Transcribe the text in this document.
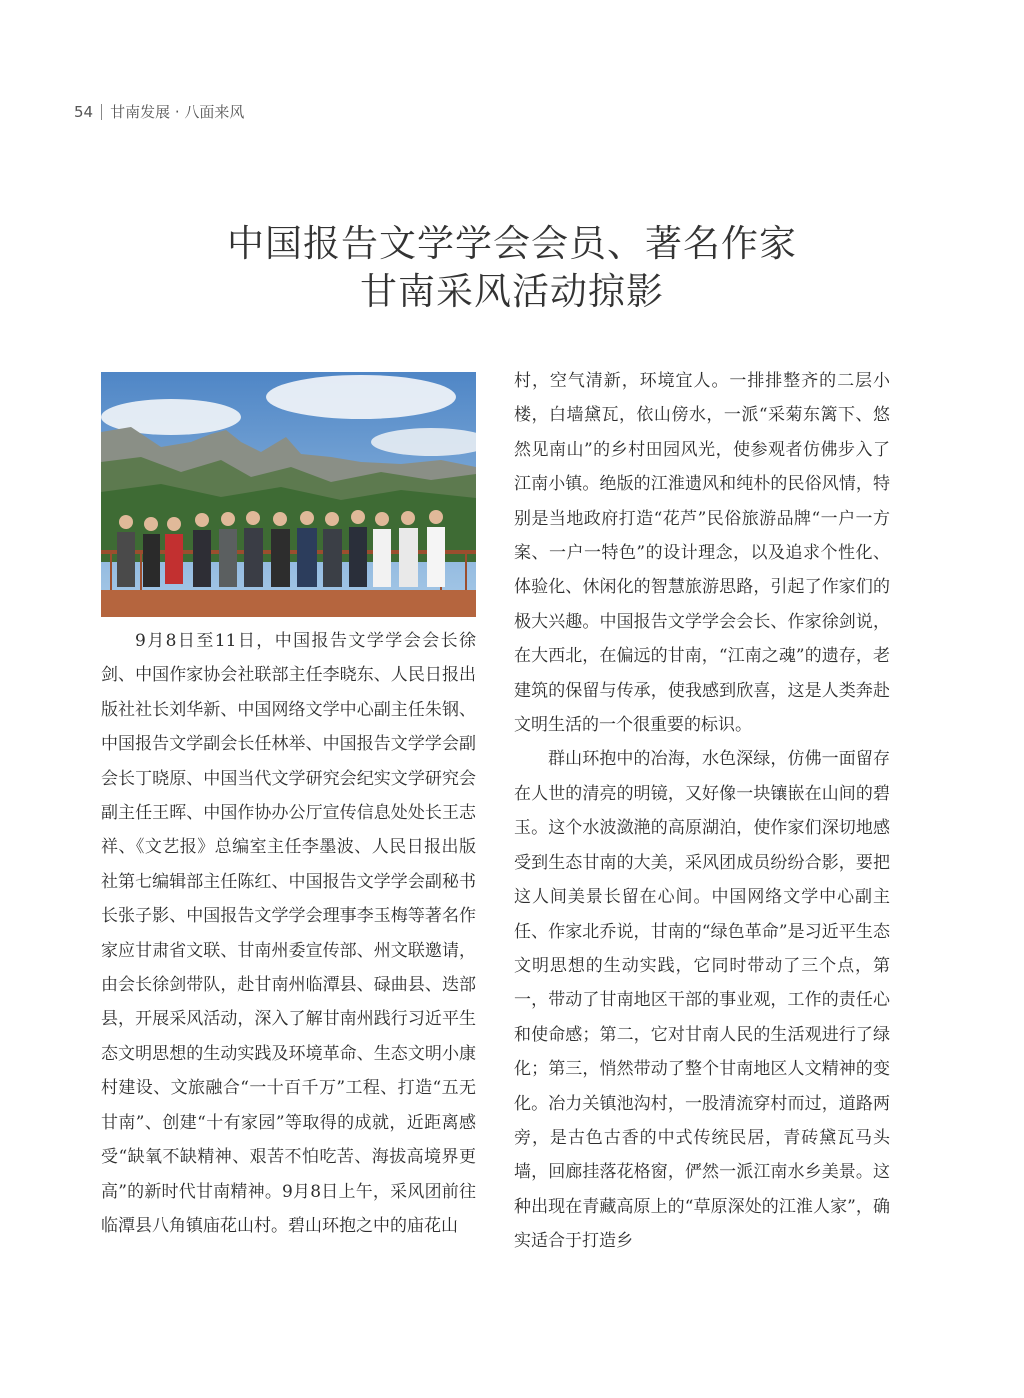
54 甘南发展 · 八面来风
中国报告文学学会会员、著名作家
甘南采风活动掠影

9月8日至11日，中国报告文学学会会长徐剑、中国作家协会社联部主任李晓东、人民日报出版社社长刘华新、中国网络文学中心副主任朱钢、中国报告文学副会长任林举、中国报告文学学会副会长丁晓原、中国当代文学研究会纪实文学研究会副主任王晖、中国作协办公厅宣传信息处处长王志祥、《文艺报》总编室主任李墨波、人民日报出版社第七编辑部主任陈红、中国报告文学学会副秘书长张子影、中国报告文学学会理事李玉梅等著名作家应甘肃省文联、甘南州委宣传部、州文联邀请，由会长徐剑带队，赴甘南州临潭县、碌曲县、迭部县，开展采风活动，深入了解甘南州践行习近平生态文明思想的生动实践及环境革命、生态文明小康村建设、文旅融合“一十百千万”工程、打造“五无甘南”、创建“十有家园”等取得的成就，近距离感受“缺氧不缺精神、艰苦不怕吃苦、海拔高境界更高”的新时代甘南精神。9月8日上午，采风团前往临潭县八角镇庙花山村。碧山环抱之中的庙花山

村，空气清新，环境宜人。一排排整齐的二层小楼，白墙黛瓦，依山傍水，一派“采菊东篱下、悠然见南山”的乡村田园风光，使参观者仿佛步入了江南小镇。绝版的江淮遗风和纯朴的民俗风情，特别是当地政府打造“花芦”民俗旅游品牌“一户一方案、一户一特色”的设计理念，以及追求个性化、体验化、休闲化的智慧旅游思路，引起了作家们的极大兴趣。中国报告文学学会会长、作家徐剑说，在大西北，在偏远的甘南，“江南之魂”的遗存，老建筑的保留与传承，使我感到欣喜，这是人类奔赴文明生活的一个很重要的标识。

群山环抱中的冶海，水色深绿，仿佛一面留存在人世的清亮的明镜，又好像一块镶嵌在山间的碧玉。这个水波潋滟的高原湖泊，使作家们深切地感受到生态甘南的大美，采风团成员纷纷合影，要把这人间美景长留在心间。中国网络文学中心副主任、作家北乔说，甘南的“绿色革命”是习近平生态文明思想的生动实践，它同时带动了三个点，第一，带动了甘南地区干部的事业观，工作的责任心和使命感；第二，它对甘南人民的生活观进行了绿化；第三，悄然带动了整个甘南地区人文精神的变化。冶力关镇池沟村，一股清流穿村而过，道路两旁，是古色古香的中式传统民居，青砖黛瓦马头墙，回廊挂落花格窗，俨然一派江南水乡美景。这种出现在青藏高原上的“草原深处的江淮人家”，确实适合于打造乡
